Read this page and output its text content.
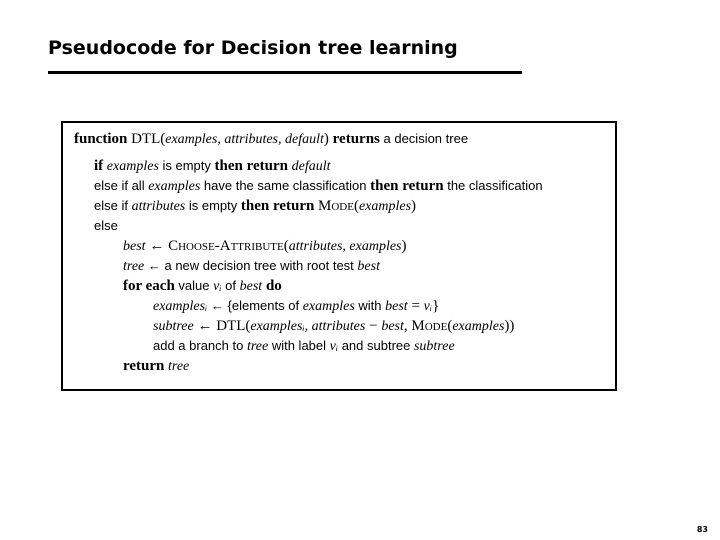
Pseudocode for Decision tree learning
function DTL(examples, attributes, default) returns a decision tree
if examples is empty then return default
else if all examples have the same classification then return the classification
else if attributes is empty then return Mode(examples)
else
best ← Choose-Attribute(attributes, examples)
tree ← a new decision tree with root test best
for each value vᵢ of best do
examplesᵢ ← {elements of examples with best = vᵢ}
subtree ← DTL(examplesᵢ, attributes − best, Mode(examples))
add a branch to tree with label vᵢ and subtree subtree
return tree
83
